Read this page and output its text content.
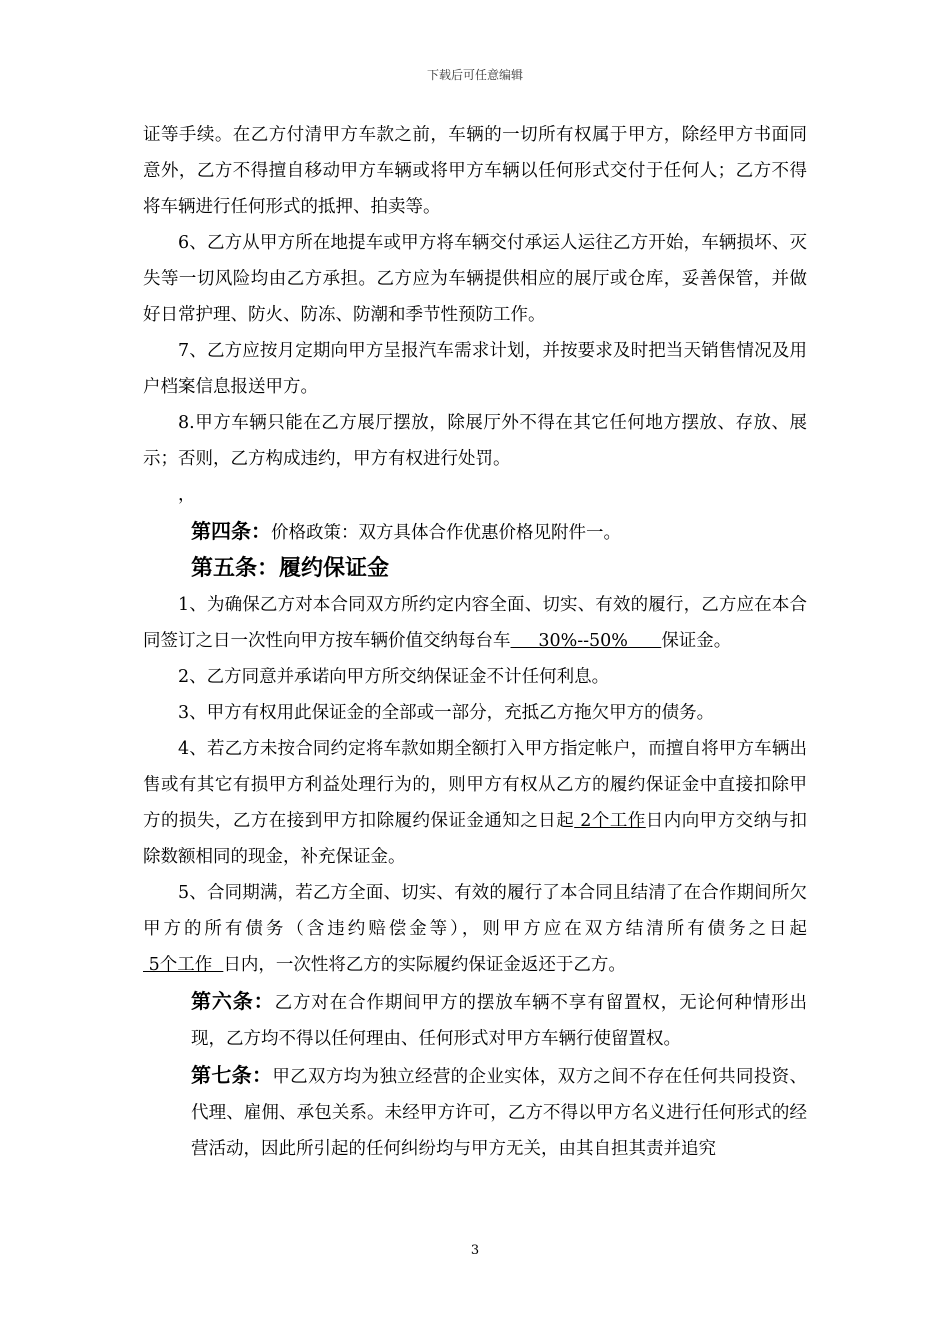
下载后可任意编辑

证等手续。在乙方付清甲方车款之前，车辆的一切所有权属于甲方，除经甲方书面同意外，乙方不得擅自移动甲方车辆或将甲方车辆以任何形式交付于任何人；乙方不得将车辆进行任何形式的抵押、拍卖等。

6、乙方从甲方所在地提车或甲方将车辆交付承运人运往乙方开始，车辆损坏、灭失等一切风险均由乙方承担。乙方应为车辆提供相应的展厅或仓库，妥善保管，并做好日常护理、防火、防冻、防潮和季节性预防工作。

7、乙方应按月定期向甲方呈报汽车需求计划，并按要求及时把当天销售情况及用户档案信息报送甲方。

8.甲方车辆只能在乙方展厅摆放，除展厅外不得在其它任何地方摆放、存放、展示；否则，乙方构成违约，甲方有权进行处罚。

，

第四条：价格政策：双方具体合作优惠价格见附件一。

第五条：履约保证金

1、为确保乙方对本合同双方所约定内容全面、切实、有效的履行，乙方应在本合同签订之日一次性向甲方按车辆价值交纳每台车     30%--50%      保证金。

2、乙方同意并承诺向甲方所交纳保证金不计任何利息。

3、甲方有权用此保证金的全部或一部分，充抵乙方拖欠甲方的债务。

4、若乙方未按合同约定将车款如期全额打入甲方指定帐户，而擅自将甲方车辆出售或有其它有损甲方利益处理行为的，则甲方有权从乙方的履约保证金中直接扣除甲方的损失，乙方在接到甲方扣除履约保证金通知之日起 2个工作日内向甲方交纳与扣除数额相同的现金，补充保证金。

5、合同期满，若乙方全面、切实、有效的履行了本合同且结清了在合作期间所欠甲方的所有债务（含违约赔偿金等），则甲方应在双方结清所有债务之日起 5个工作  日内，一次性将乙方的实际履约保证金返还于乙方。

第六条：乙方对在合作期间甲方的摆放车辆不享有留置权，无论何种情形出现，乙方均不得以任何理由、任何形式对甲方车辆行使留置权。

第七条：甲乙双方均为独立经营的企业实体，双方之间不存在任何共同投资、代理、雇佣、承包关系。未经甲方许可，乙方不得以甲方名义进行任何形式的经营活动，因此所引起的任何纠纷均与甲方无关，由其自担其责并追究

3
